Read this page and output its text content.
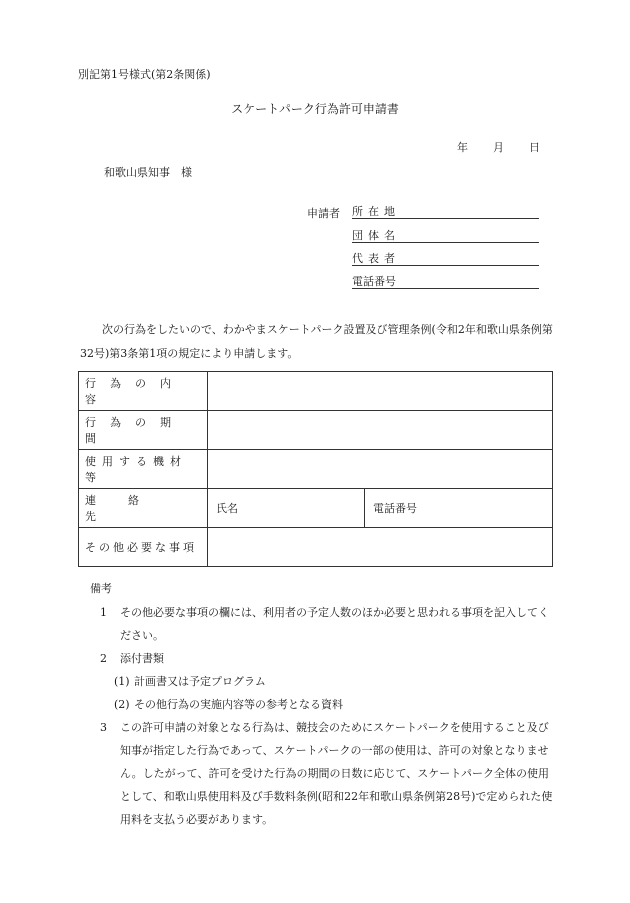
別記第1号様式(第2条関係)
スケートパーク行為許可申請書
年 月 日
和歌山県知事　様
申請者 所在地
団体名
代表者
電話番号
次の行為をしたいので、わかやまスケートパーク設置及び管理条例(令和2年和歌山県条例第32号)第3条第1項の規定により申請します。
行為の内容		

行為の期間		

使用する機材等		

連絡先	氏名	電話番号

その他必要な事項		

備考
1 その他必要な事項の欄には、利用者の予定人数のほか必要と思われる事項を記入してください。
2 添付書類
(1) 計画書又は予定プログラム
(2) その他行為の実施内容等の参考となる資料
3 この許可申請の対象となる行為は、競技会のためにスケートパークを使用すること及び知事が指定した行為であって、スケートパークの一部の使用は、許可の対象となりません。したがって、許可を受けた行為の期間の日数に応じて、スケートパーク全体の使用として、和歌山県使用料及び手数料条例(昭和22年和歌山県条例第28号)で定められた使用料を支払う必要があります。
